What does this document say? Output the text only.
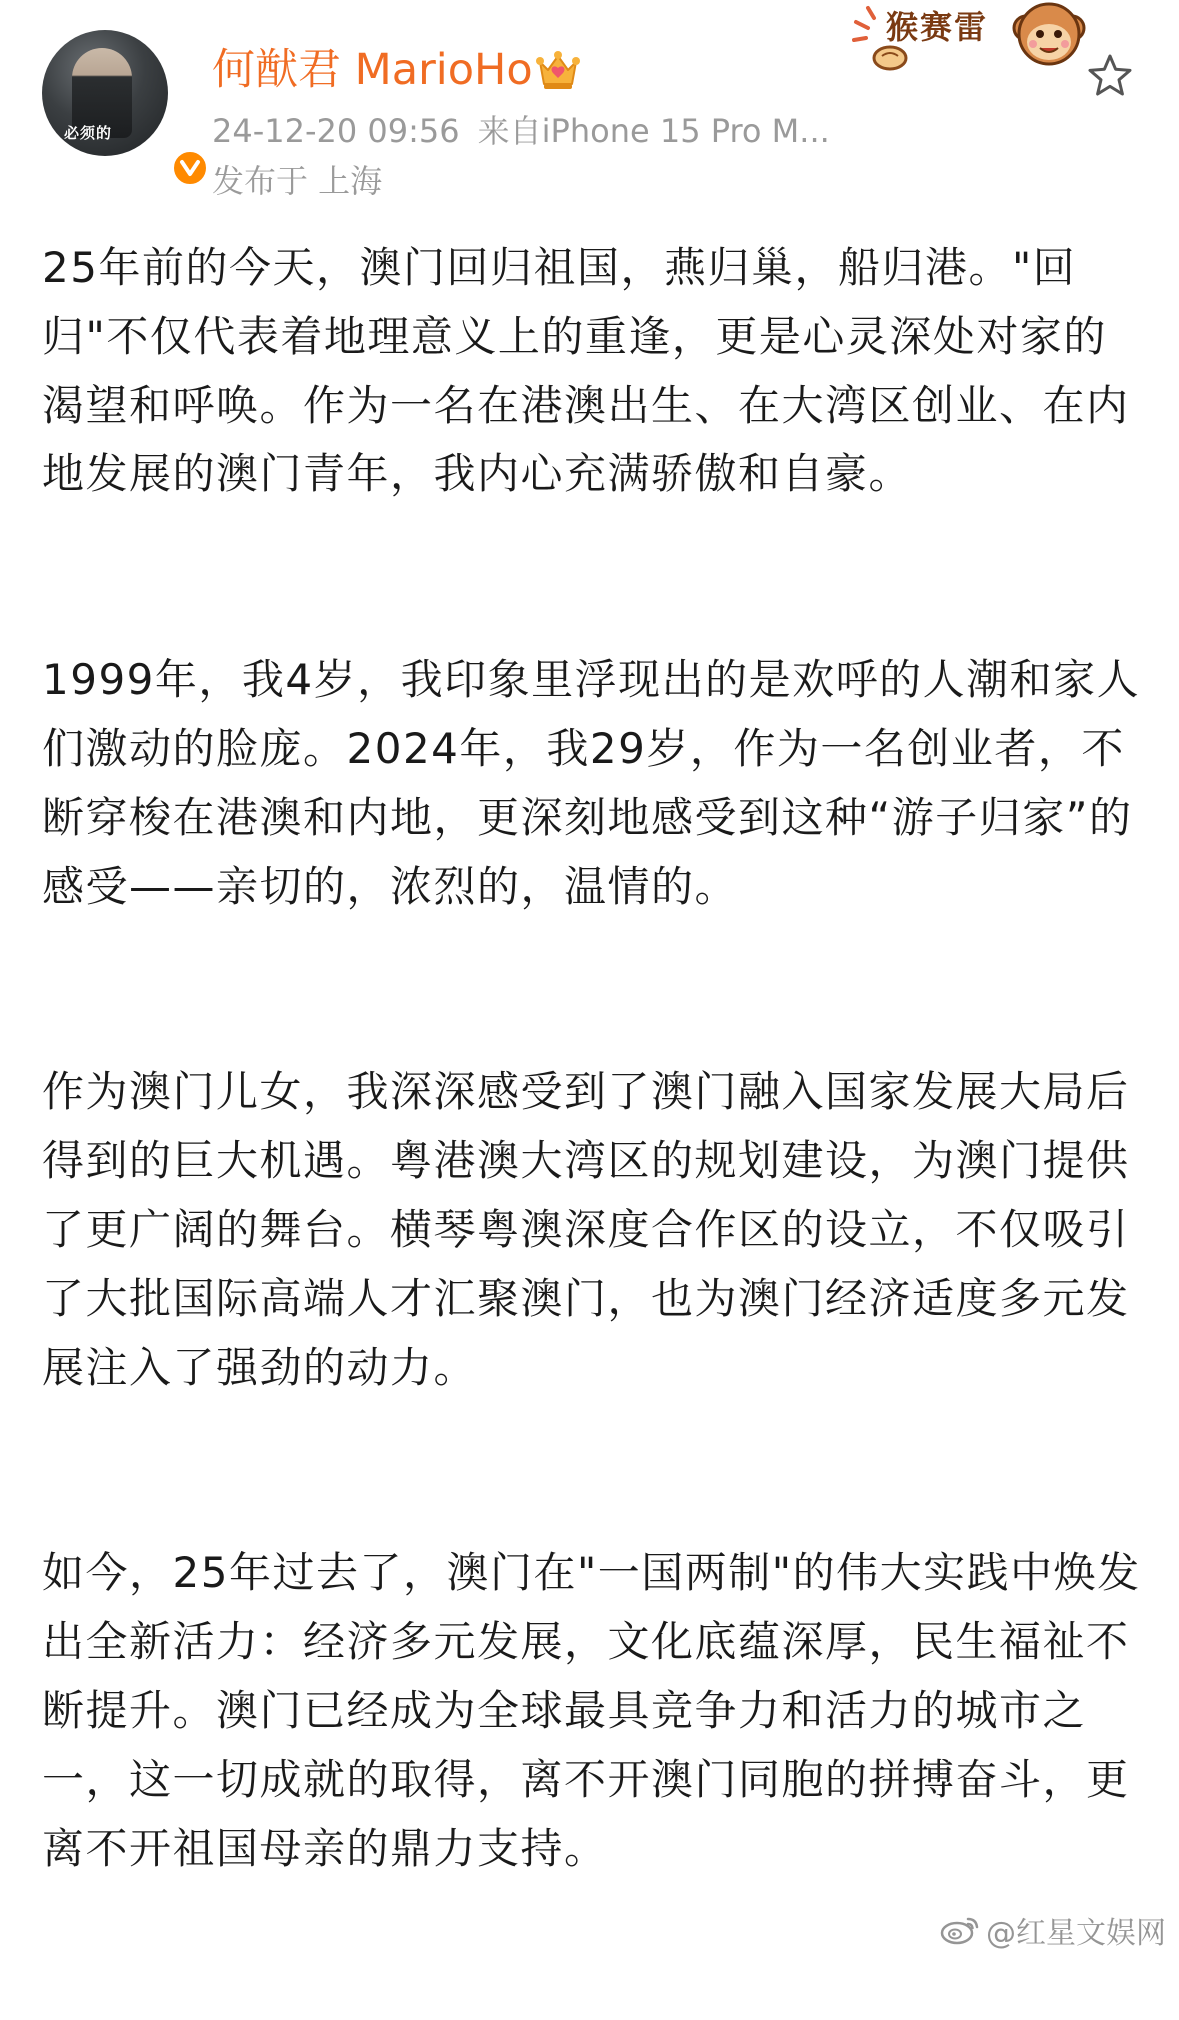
必须的
何猷君 MarioHo
24-12-20 09:56 来自iPhone 15 Pro M...
发布于 上海
猴赛雷

25年前的今天，澳门回归祖国，燕归巢，船归港。"回归"不仅代表着地理意义上的重逢，更是心灵深处对家的渴望和呼唤。作为一名在港澳出生、在大湾区创业、在内地发展的澳门青年，我内心充满骄傲和自豪。

1999年，我4岁，我印象里浮现出的是欢呼的人潮和家人们激动的脸庞。2024年，我29岁，作为一名创业者，不断穿梭在港澳和内地，更深刻地感受到这种“游子归家”的感受——亲切的，浓烈的，温情的。

作为澳门儿女，我深深感受到了澳门融入国家发展大局后得到的巨大机遇。粤港澳大湾区的规划建设，为澳门提供了更广阔的舞台。横琴粤澳深度合作区的设立，不仅吸引了大批国际高端人才汇聚澳门，也为澳门经济适度多元发展注入了强劲的动力。

如今，25年过去了，澳门在"一国两制"的伟大实践中焕发出全新活力：经济多元发展，文化底蕴深厚，民生福祉不断提升。澳门已经成为全球最具竞争力和活力的城市之一，这一切成就的取得，离不开澳门同胞的拼搏奋斗，更离不开祖国母亲的鼎力支持。

@红星文娱网
